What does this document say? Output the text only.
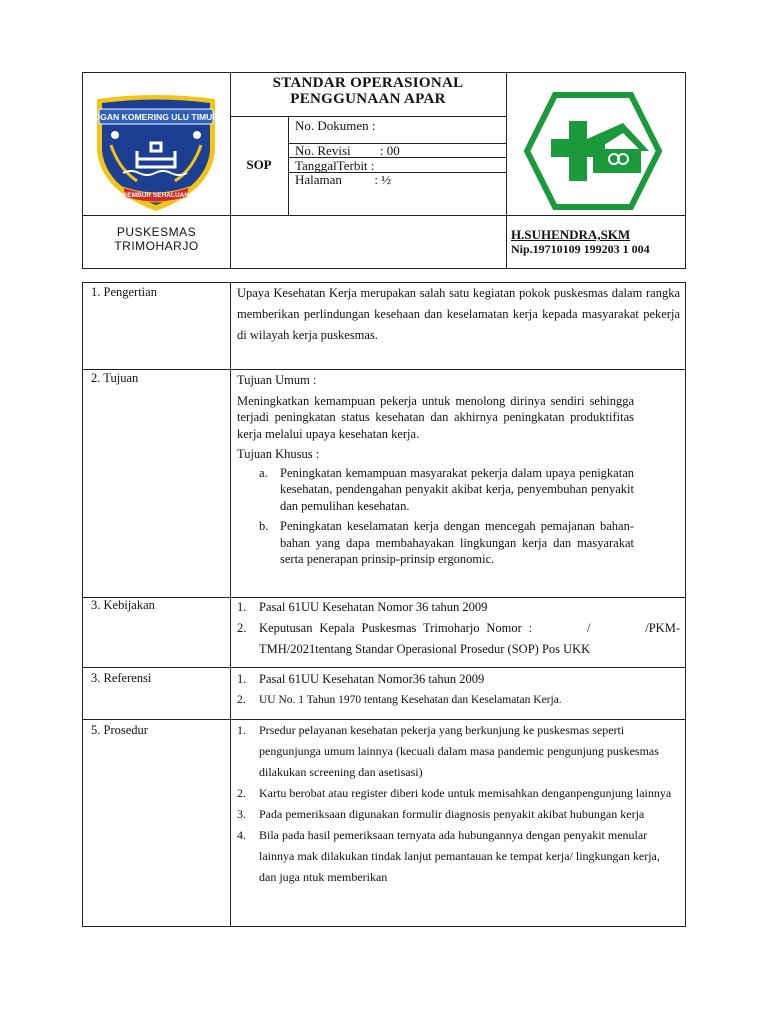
OGAN KOMERING ULU TIMUR
SEMBUR SEHALUAN
STANDAR OPERASIONAL
PENGGUNAAN APAR
SOP
No. Dokumen :
No. Revisi         : 00
TanggalTerbit :
Halaman          : ½
PUSKESMAS
TRIMOHARJO
H.SUHENDRA,SKM
Nip.19710109 199203 1 004
1. Pengertian	Upaya Kesehatan Kerja merupakan salah satu kegiatan pokok puskesmas dalam rangka memberikan perlindungan kesehaan dan keselamatan kerja kepada masyarakat pekerja di wilayah kerja puskesmas.

2. Tujuan	Tujuan Umum :

Meningkatkan kemampuan pekerja untuk menolong dirinya sendiri sehingga terjadi peningkatan status kesehatan dan akhirnya peningkatan produktifitas kerja melalui upaya kesehatan kerja.

Tujuan Khusus :

a. Peningkatan kemampuan masyarakat pekerja dalam upaya penigkatan kesehatan, pendengahan penyakit akibat kerja, penyembuhan penyakit dan pemulihan kesehatan.
b. Peningkatan keselamatan kerja dengan mencegah pemajanan bahan-bahan yang dapa membahayakan lingkungan kerja dan masyarakat serta penerapan prinsip-prinsip ergonomic.
3. Kebijakan	1. Pasal 61UU Kesehatan Nomor 36 tahun 2009
2. Keputusan Kepala Puskesmas Trimoharjo Nomor :        /        /PKM-TMH/2021tentang Standar Operasional Prosedur (SOP) Pos UKK
3. Referensi	1. Pasal 61UU Kesehatan Nomor36 tahun 2009
2. UU No. 1 Tahun 1970 tentang Kesehatan dan Keselamatan Kerja.
5. Prosedur	1. Prsedur pelayanan kesehatan pekerja yang berkunjung ke puskesmas seperti pengunjunga umum lainnya (kecuali dalam masa pandemic pengunjung puskesmas dilakukan screening dan asetisasi)
2. Kartu berobat atau register diberi kode untuk memisahkan denganpengunjung lainnya
3. Pada pemeriksaan digunakan formulir diagnosis penyakit akibat hubungan kerja
4. Bila pada hasil pemeriksaan ternyata ada hubungannya dengan penyakit menular lainnya mak dilakukan tindak lanjut pemantauan ke tempat kerja/ lingkungan kerja, dan juga ntuk memberikan
